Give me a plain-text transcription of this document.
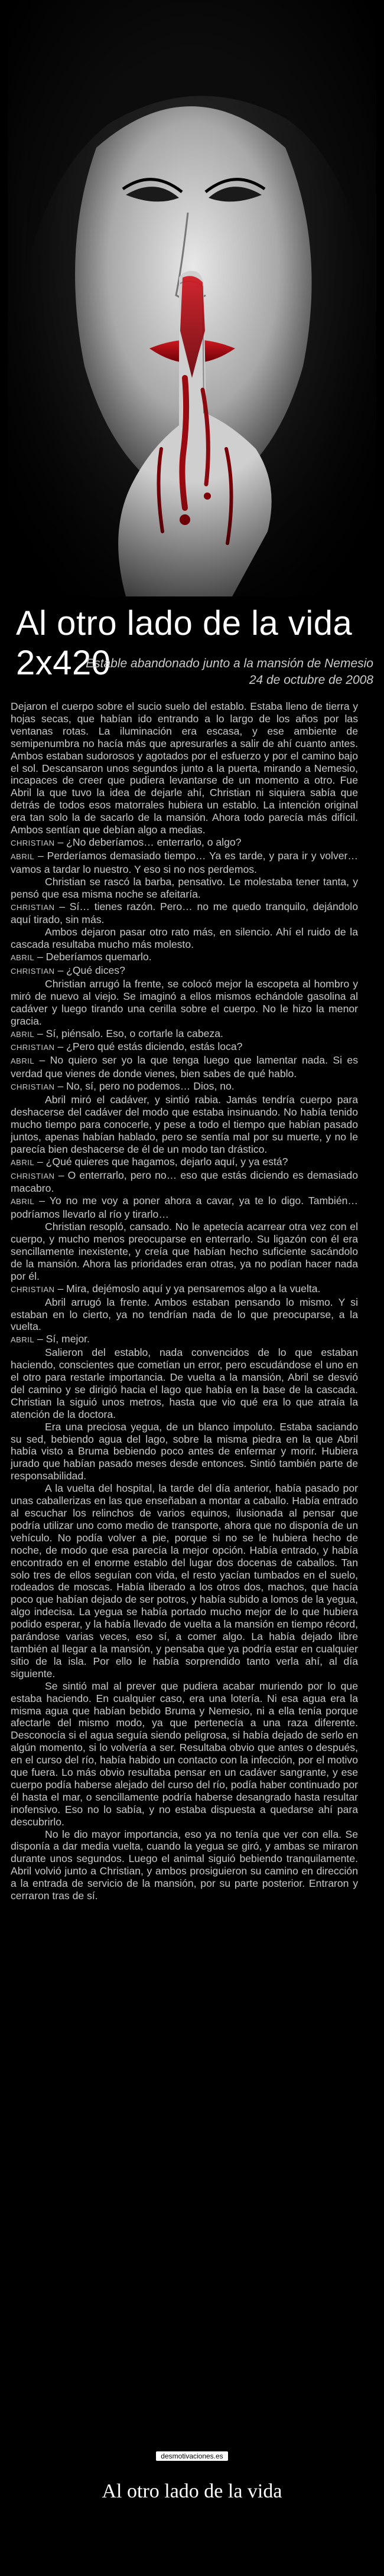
Al otro lado de la vida 2x420

Estable abandonado junto a la mansión de Nemesio

24 de octubre de 2008

Dejaron el cuerpo sobre el sucio suelo del establo. Estaba lleno de tierra y hojas secas, que habían ido entrando a lo largo de los años por las ventanas rotas. La iluminación era escasa, y ese ambiente de semipenumbra no hacía más que apresurarles a salir de ahí cuanto antes. Ambos estaban sudorosos y agotados por el esfuerzo y por el camino bajo el sol. Descansaron unos segundos junto a la puerta, mirando a Nemesio, incapaces de creer que pudiera levantarse de un momento a otro. Fue Abril la que tuvo la idea de dejarle ahí, Christian ni siquiera sabía que detrás de todos esos matorrales hubiera un establo. La intención original era tan solo la de sacarlo de la mansión. Ahora todo parecía más difícil. Ambos sentían que debían algo a medias.

CHRISTIAN – ¿No deberíamos… enterrarlo, o algo?

ABRIL – Perderíamos demasiado tiempo… Ya es tarde, y para ir y volver… vamos a tardar lo nuestro. Y eso si no nos perdemos.

Christian se rascó la barba, pensativo. Le molestaba tener tanta, y pensó que esa misma noche se afeitaría.

CHRISTIAN – Sí… tienes razón. Pero… no me quedo tranquilo, dejándolo aquí tirado, sin más.

Ambos dejaron pasar otro rato más, en silencio. Ahí el ruido de la cascada resultaba mucho más molesto.

ABRIL – Deberíamos quemarlo.

CHRISTIAN – ¿Qué dices?

Christian arrugó la frente, se colocó mejor la escopeta al hombro y miró de nuevo al viejo. Se imaginó a ellos mismos echándole gasolina al cadáver y luego tirando una cerilla sobre el cuerpo. No le hizo la menor gracia.

ABRIL – Sí, piénsalo. Eso, o cortarle la cabeza.

CHRISTIAN – ¿Pero qué estás diciendo, estás loca?

ABRIL – No quiero ser yo la que tenga luego que lamentar nada. Si es verdad que vienes de donde vienes, bien sabes de qué hablo.

CHRISTIAN – No, sí, pero no podemos… Dios, no.

Abril miró el cadáver, y sintió rabia. Jamás tendría cuerpo para deshacerse del cadáver del modo que estaba insinuando. No había tenido mucho tiempo para conocerle, y pese a todo el tiempo que habían pasado juntos, apenas habían hablado, pero se sentía mal por su muerte, y no le parecía bien deshacerse de él de un modo tan drástico.

ABRIL – ¿Qué quieres que hagamos, dejarlo aquí, y ya está?

CHRISTIAN – O enterrarlo, pero no… eso que estás diciendo es demasiado macabro.

ABRIL – Yo no me voy a poner ahora a cavar, ya te lo digo. También… podríamos llevarlo al río y tirarlo…

Christian resopló, cansado. No le apetecía acarrear otra vez con el cuerpo, y mucho menos preocuparse en enterrarlo. Su ligazón con él era sencillamente inexistente, y creía que habían hecho suficiente sacándolo de la mansión. Ahora las prioridades eran otras, ya no podían hacer nada por él.

CHRISTIAN – Mira, dejémoslo aquí y ya pensaremos algo a la vuelta.

Abril arrugó la frente. Ambos estaban pensando lo mismo. Y si estaban en lo cierto, ya no tendrían nada de lo que preocuparse, a la vuelta.

ABRIL – Sí, mejor.

Salieron del establo, nada convencidos de lo que estaban haciendo, conscientes que cometían un error, pero escudándose el uno en el otro para restarle importancia. De vuelta a la mansión, Abril se desvió del camino y se dirigió hacia el lago que había en la base de la cascada. Christian la siguió unos metros, hasta que vio qué era lo que atraía la atención de la doctora.

Era una preciosa yegua, de un blanco impoluto. Estaba saciando su sed, bebiendo agua del lago, sobre la misma piedra en la que Abril había visto a Bruma bebiendo poco antes de enfermar y morir. Hubiera jurado que habían pasado meses desde entonces. Sintió también parte de responsabilidad.

A la vuelta del hospital, la tarde del día anterior, había pasado por unas caballerizas en las que enseñaban a montar a caballo. Había entrado al escuchar los relinchos de varios equinos, ilusionada al pensar que podría utilizar uno como medio de transporte, ahora que no disponía de un vehículo. No podía volver a pie, porque si no se le hubiera hecho de noche, de modo que esa parecía la mejor opción. Había entrado, y había encontrado en el enorme establo del lugar dos docenas de caballos. Tan solo tres de ellos seguían con vida, el resto yacían tumbados en el suelo, rodeados de moscas. Había liberado a los otros dos, machos, que hacía poco que habían dejado de ser potros, y había subido a lomos de la yegua, algo indecisa. La yegua se había portado mucho mejor de lo que hubiera podido esperar, y la había llevado de vuelta a la mansión en tiempo récord, parándose varias veces, eso sí, a comer algo. La había dejado libre también al llegar a la mansión, y pensaba que ya podría estar en cualquier sitio de la isla. Por ello le había sorprendido tanto verla ahí, al día siguiente.

Se sintió mal al prever que pudiera acabar muriendo por lo que estaba haciendo. En cualquier caso, era una lotería. Ni esa agua era la misma agua que habían bebido Bruma y Nemesio, ni a ella tenía porque afectarle del mismo modo, ya que pertenecía a una raza diferente. Desconocía si el agua seguía siendo peligrosa, si había dejado de serlo en algún momento, si lo volvería a ser. Resultaba obvio que antes o después, en el curso del río, había habido un contacto con la infección, por el motivo que fuera. Lo más obvio resultaba pensar en un cadáver sangrante, y ese cuerpo podía haberse alejado del curso del río, podía haber continuado por él hasta el mar, o sencillamente podría haberse desangrado hasta resultar inofensivo. Eso no lo sabía, y no estaba dispuesta a quedarse ahí para descubrirlo.

No le dio mayor importancia, eso ya no tenía que ver con ella. Se disponía a dar media vuelta, cuando la yegua se giró, y ambas se miraron durante unos segundos. Luego el animal siguió bebiendo tranquilamente. Abril volvió junto a Christian, y ambos prosiguieron su camino en dirección a la entrada de servicio de la mansión, por su parte posterior. Entraron y cerraron tras de sí.

desmotivaciones.es
Al otro lado de la vida
